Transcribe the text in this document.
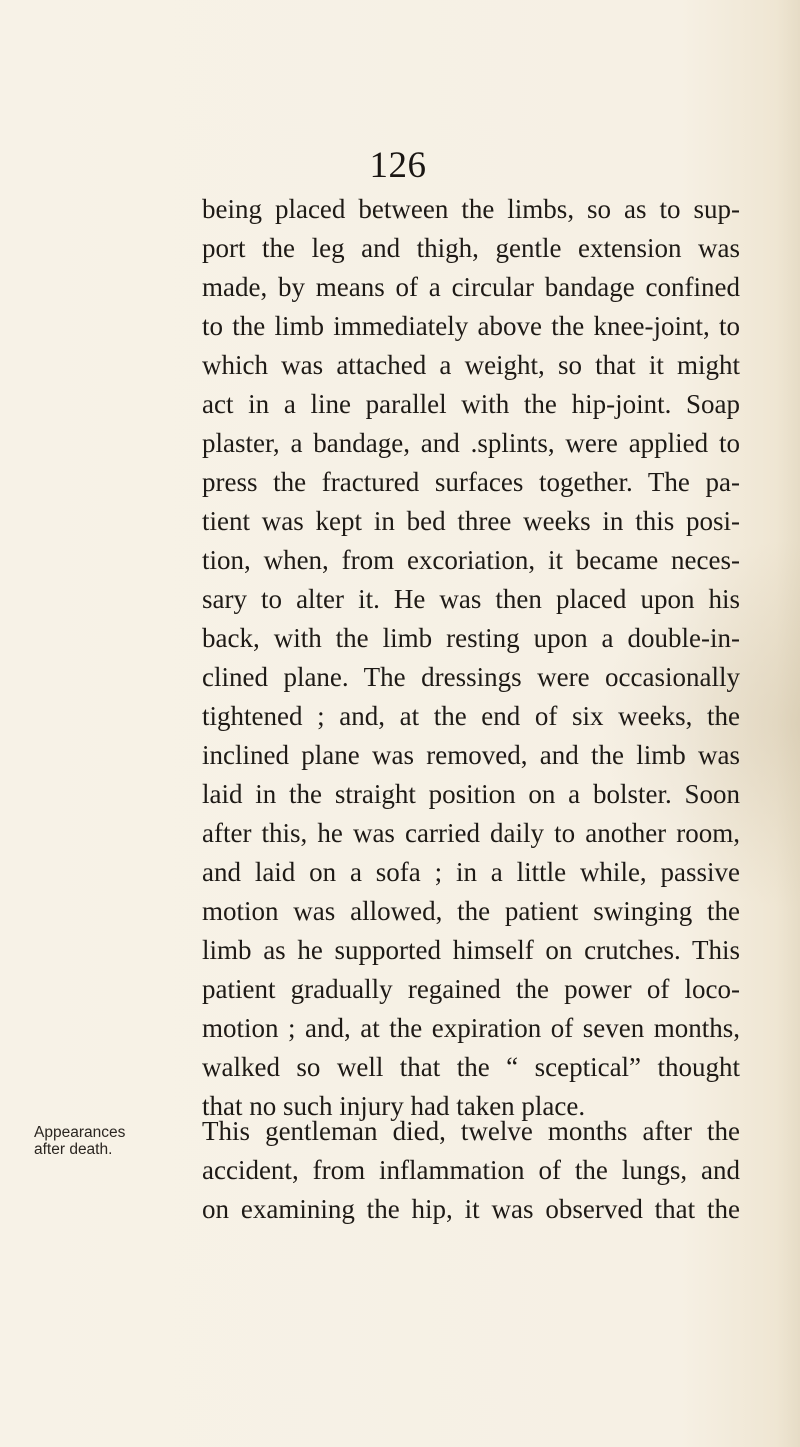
126
being placed between the limbs, so as to sup-
port the leg and thigh, gentle extension was
made, by means of a circular bandage confined
to the limb immediately above the knee-joint, to
which was attached a weight, so that it might
act in a line parallel with the hip-joint. Soap
plaster, a bandage, and .splints, were applied to
press the fractured surfaces together. The pa-
tient was kept in bed three weeks in this posi-
tion, when, from excoriation, it became neces-
sary to alter it. He was then placed upon his
back, with the limb resting upon a double-in-
clined plane. The dressings were occasionally
tightened ; and, at the end of six weeks, the
inclined plane was removed, and the limb was
laid in the straight position on a bolster. Soon
after this, he was carried daily to another room,
and laid on a sofa ; in a little while, passive
motion was allowed, the patient swinging the
limb as he supported himself on crutches. This
patient gradually regained the power of loco-
motion ; and, at the expiration of seven months,
walked so well that the “ sceptical” thought
that no such injury had taken place.
Appearances
after death.
This gentleman died, twelve months after the
accident, from inflammation of the lungs, and
on examining the hip, it was observed that the
